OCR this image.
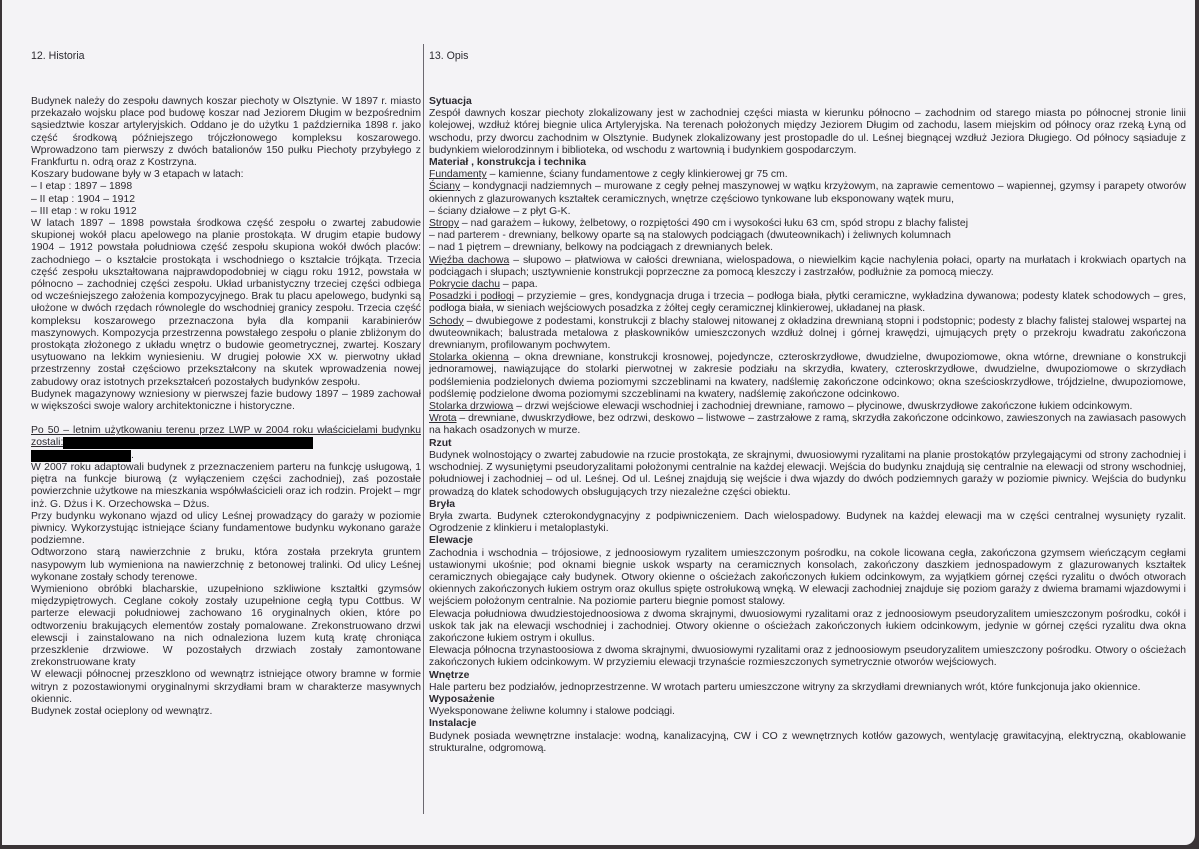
12. Historia

Budynek należy do zespołu dawnych koszar piechoty w Olsztynie. W 1897 r. miasto przekazało wojsku place pod budowę koszar nad Jeziorem Długim w bezpośrednim sąsiedztwie koszar artyleryjskich. Oddano je do użytku 1 października 1898 r. jako część środkową późniejszego trójczłonowego kompleksu koszarowego. Wprowadzono tam pierwszy z dwóch batalionów 150 pułku Piechoty przybyłego z Frankfurtu n. odrą oraz z Kostrzyna.

Koszary budowane były w 3 etapach w latach:

– I etap : 1897 – 1898

– II etap : 1904 – 1912

– III etap : w roku 1912

W latach 1897 – 1898 powstała środkowa część zespołu o zwartej zabudowie skupionej wokół placu apelowego na planie prostokąta. W drugim etapie budowy 1904 – 1912 powstała południowa część zespołu skupiona wokół dwóch placów: zachodniego – o kształcie prostokąta i wschodniego o kształcie trójkąta. Trzecia część zespołu ukształtowana najprawdopodobniej w ciągu roku 1912, powstała w północno – zachodniej części zespołu. Układ urbanistyczny trzeciej części odbiega od wcześniejszego założenia kompozycyjnego. Brak tu placu apelowego, budynki są ułożone w dwóch rzędach równolegle do wschodniej granicy zespołu. Trzecia część kompleksu koszarowego przeznaczona była dla kompanii karabinierów maszynowych. Kompozycja przestrzenna powstałego zespołu o planie zbliżonym do prostokąta złożonego z układu wnętrz o budowie geometrycznej, zwartej. Koszary usytuowano na lekkim wyniesieniu. W drugiej połowie XX w. pierwotny układ przestrzenny został częściowo przekształcony na skutek wprowadzenia nowej zabudowy oraz istotnych przekształceń pozostałych budynków zespołu.

Budynek magazynowy wzniesiony w pierwszej fazie budowy 1897 – 1989 zachował w większości swoje walory architektoniczne i historyczne.

Po 50 – letnim użytkowaniu terenu przez LWP w 2004 roku właścicielami budynku zostali:
.

W 2007 roku adaptowali budynek z przeznaczeniem parteru na funkcję usługową, 1 piętra na funkcje biurową (z wyłączeniem części zachodniej), zaś pozostałe powierzchnie użytkowe na mieszkania współwłaścicieli oraz ich rodzin. Projekt – mgr inż. G. Dżus i K. Orzechowska – Dżus.

Przy budynku wykonano wjazd od ulicy Leśnej prowadzący do garaży w poziomie piwnicy. Wykorzystując istniejące ściany fundamentowe budynku wykonano garaże podziemne.

Odtworzono starą nawierzchnie z bruku, która została przekryta gruntem nasypowym lub wymieniona na nawierzchnię z betonowej tralinki. Od ulicy Leśnej wykonane zostały schody terenowe.

Wymieniono obróbki blacharskie, uzupełniono szkliwione kształtki gzymsów międzypiętrowych. Ceglane cokoły zostały uzupełnione cegłą typu Cottbus. W parterze elewacji południowej zachowano 16 oryginalnych okien, które po odtworzeniu brakujących elementów zostały pomalowane. Zrekonstruowano drzwi elewscji i zainstalowano na nich odnaleziona luzem kutą kratę chroniąca przeszklenie drzwiowe. W pozostałych drzwiach zostały zamontowane zrekonstruowane kraty

W elewacji północnej przeszklono od wewnątrz istniejące otwory bramne w formie witryn z pozostawionymi oryginalnymi skrzydłami bram w charakterze masywnych okiennic.

Budynek został ocieplony od wewnątrz.

13. Opis

Sytuacja

Zespół dawnych koszar piechoty zlokalizowany jest w zachodniej części miasta w kierunku północno – zachodnim od starego miasta po północnej stronie linii kolejowej, wzdłuż której biegnie ulica Artyleryjska. Na terenach położonych między Jeziorem Długim od zachodu, lasem miejskim od północy oraz rzeką Łyną od wschodu, przy dworcu zachodnim w Olsztynie. Budynek zlokalizowany jest prostopadle do ul. Leśnej biegnącej wzdłuż Jeziora Długiego. Od północy sąsiaduje z budynkiem wielorodzinnym i biblioteka, od wschodu z wartownią i budynkiem gospodarczym.

Materiał , konstrukcja i technika

Fundamenty – kamienne, ściany fundamentowe z cegły klinkierowej gr 75 cm.

Ściany – kondygnacji nadziemnych – murowane z cegły pełnej maszynowej w wątku krzyżowym, na zaprawie cementowo – wapiennej, gzymsy i parapety otworów okiennych z glazurowanych kształtek ceramicznych, wnętrze częściowo tynkowane lub eksponowany wątek muru,

– ściany działowe – z płyt G-K.

Stropy – nad garażem – łukowy, żelbetowy, o rozpiętości 490 cm i wysokości łuku 63 cm, spód stropu z blachy falistej

– nad parterem - drewniany, belkowy oparte są na stalowych podciągach (dwuteownikach) i żeliwnych kolumnach

– nad 1 piętrem – drewniany, belkowy na podciągach z drewnianych belek.

Więźba dachowa – słupowo – płatwiowa w całości drewniana, wielospadowa, o niewielkim kącie nachylenia połaci, oparty na murłatach i krokwiach opartych na podciągach i słupach; usztywnienie konstrukcji poprzeczne za pomocą kleszczy i zastrzałów, podłużnie za pomocą mieczy.

Pokrycie dachu – papa.

Posadzki i podłogi – przyziemie – gres, kondygnacja druga i trzecia – podłoga biała, płytki ceramiczne, wykładzina dywanowa; podesty klatek schodowych – gres, podłoga biała, w sieniach wejściowych posadzka z żółtej cegły ceramicznej klinkierowej, układanej na płask.

Schody – dwubiegowe z podestami, konstrukcji z blachy stalowej nitowanej z okładzina drewnianą stopni i podstopnic; podesty z blachy falistej stalowej wspartej na dwuteownikach; balustrada metalowa z płaskowników umieszczonych wzdłuż dolnej i górnej krawędzi, ujmujących pręty o przekroju kwadratu zakończona drewnianym, profilowanym pochwytem.

Stolarka okienna – okna drewniane, konstrukcji krosnowej, pojedyncze, czteroskrzydłowe, dwudzielne, dwupoziomowe, okna wtórne, drewniane o konstrukcji jednoramowej, nawiązujące do stolarki pierwotnej w zakresie podziału na skrzydła, kwatery, czteroskrzydłowe, dwudzielne, dwupoziomowe o skrzydłach podślemienia podzielonych dwiema poziomymi szczeblinami na kwatery, nadślemię zakończone odcinkowo; okna sześcioskrzydłowe, trójdzielne, dwupoziomowe, podślemię podzielone dwoma poziomymi szczeblinami na kwatery, nadślemię zakończone odcinkowo.

Stolarka drzwiowa – drzwi wejściowe elewacji wschodniej i zachodniej drewniane, ramowo – płycinowe, dwuskrzydłowe zakończone łukiem odcinkowym.

Wrota – drewniane, dwuskrzydłowe, bez odrzwi, deskowo – listwowe – zastrzałowe z ramą, skrzydła zakończone odcinkowo, zawieszonych na zawiasach pasowych na hakach osadzonych w murze.

Rzut

Budynek wolnostojący o zwartej zabudowie na rzucie prostokąta, ze skrajnymi, dwuosiowymi ryzalitami na planie prostokątów przylegającymi od strony zachodniej i wschodniej. Z wysuniętymi pseudoryzalitami położonymi centralnie na każdej elewacji. Wejścia do budynku znajdują się centralnie na elewacji od strony wschodniej, południowej i zachodniej – od ul. Leśnej. Od ul. Leśnej znajdują się wejście i dwa wjazdy do dwóch podziemnych garaży w poziomie piwnicy. Wejścia do budynku prowadzą do klatek schodowych obsługujących trzy niezależne części obiektu.

Bryła

Bryła zwarta. Budynek czterokondygnacyjny z podpiwniczeniem. Dach wielospadowy. Budynek na każdej elewacji ma w części centralnej wysunięty ryzalit. Ogrodzenie z klinkieru i metaloplastyki.

Elewacje

Zachodnia i wschodnia – trójosiowe, z jednoosiowym ryzalitem umieszczonym pośrodku, na cokole licowana cegła, zakończona gzymsem wieńczącym cegłami ustawionymi ukośnie; pod oknami biegnie uskok wsparty na ceramicznych konsolach, zakończony daszkiem jednospadowym z glazurowanych kształtek ceramicznych obiegające cały budynek. Otwory okienne o ościeżach zakończonych łukiem odcinkowym, za wyjątkiem górnej części ryzalitu o dwóch otworach okiennych zakończonych łukiem ostrym oraz okullus spięte ostrołukową wnęką. W elewacji zachodniej znajduje się poziom garaży z dwiema bramami wjazdowymi i wejściem położonym centralnie. Na poziomie parteru biegnie pomost stalowy.

Elewacja południowa dwudziestojednoosiowa z dwoma skrajnymi, dwuosiowymi ryzalitami oraz z jednoosiowym pseudoryzalitem umieszczonym pośrodku, cokół i uskok tak jak na elewacji wschodniej i zachodniej. Otwory okienne o ościeżach zakończonych łukiem odcinkowym, jedynie w górnej części ryzalitu dwa okna zakończone łukiem ostrym i okullus.

Elewacja północna trzynastoosiowa z dwoma skrajnymi, dwuosiowymi ryzalitami oraz z jednoosiowym pseudoryzalitem umieszczony pośrodku. Otwory o ościeżach zakończonych łukiem odcinkowym. W przyziemiu elewacji trzynaście rozmieszczonych symetrycznie otworów wejściowych.

Wnętrze

Hale parteru bez podziałów, jednoprzestrzenne. W wrotach parteru umieszczone witryny za skrzydłami drewnianych wrót, które funkcjonuja jako okiennice.

Wyposażenie

Wyeksponowane żeliwne kolumny i stalowe podciągi.

Instalacje

Budynek posiada wewnętrzne instalacje: wodną, kanalizacyjną, CW i CO z wewnętrznych kotłów gazowych, wentylację grawitacyjną, elektryczną, okablowanie strukturalne, odgromową.
